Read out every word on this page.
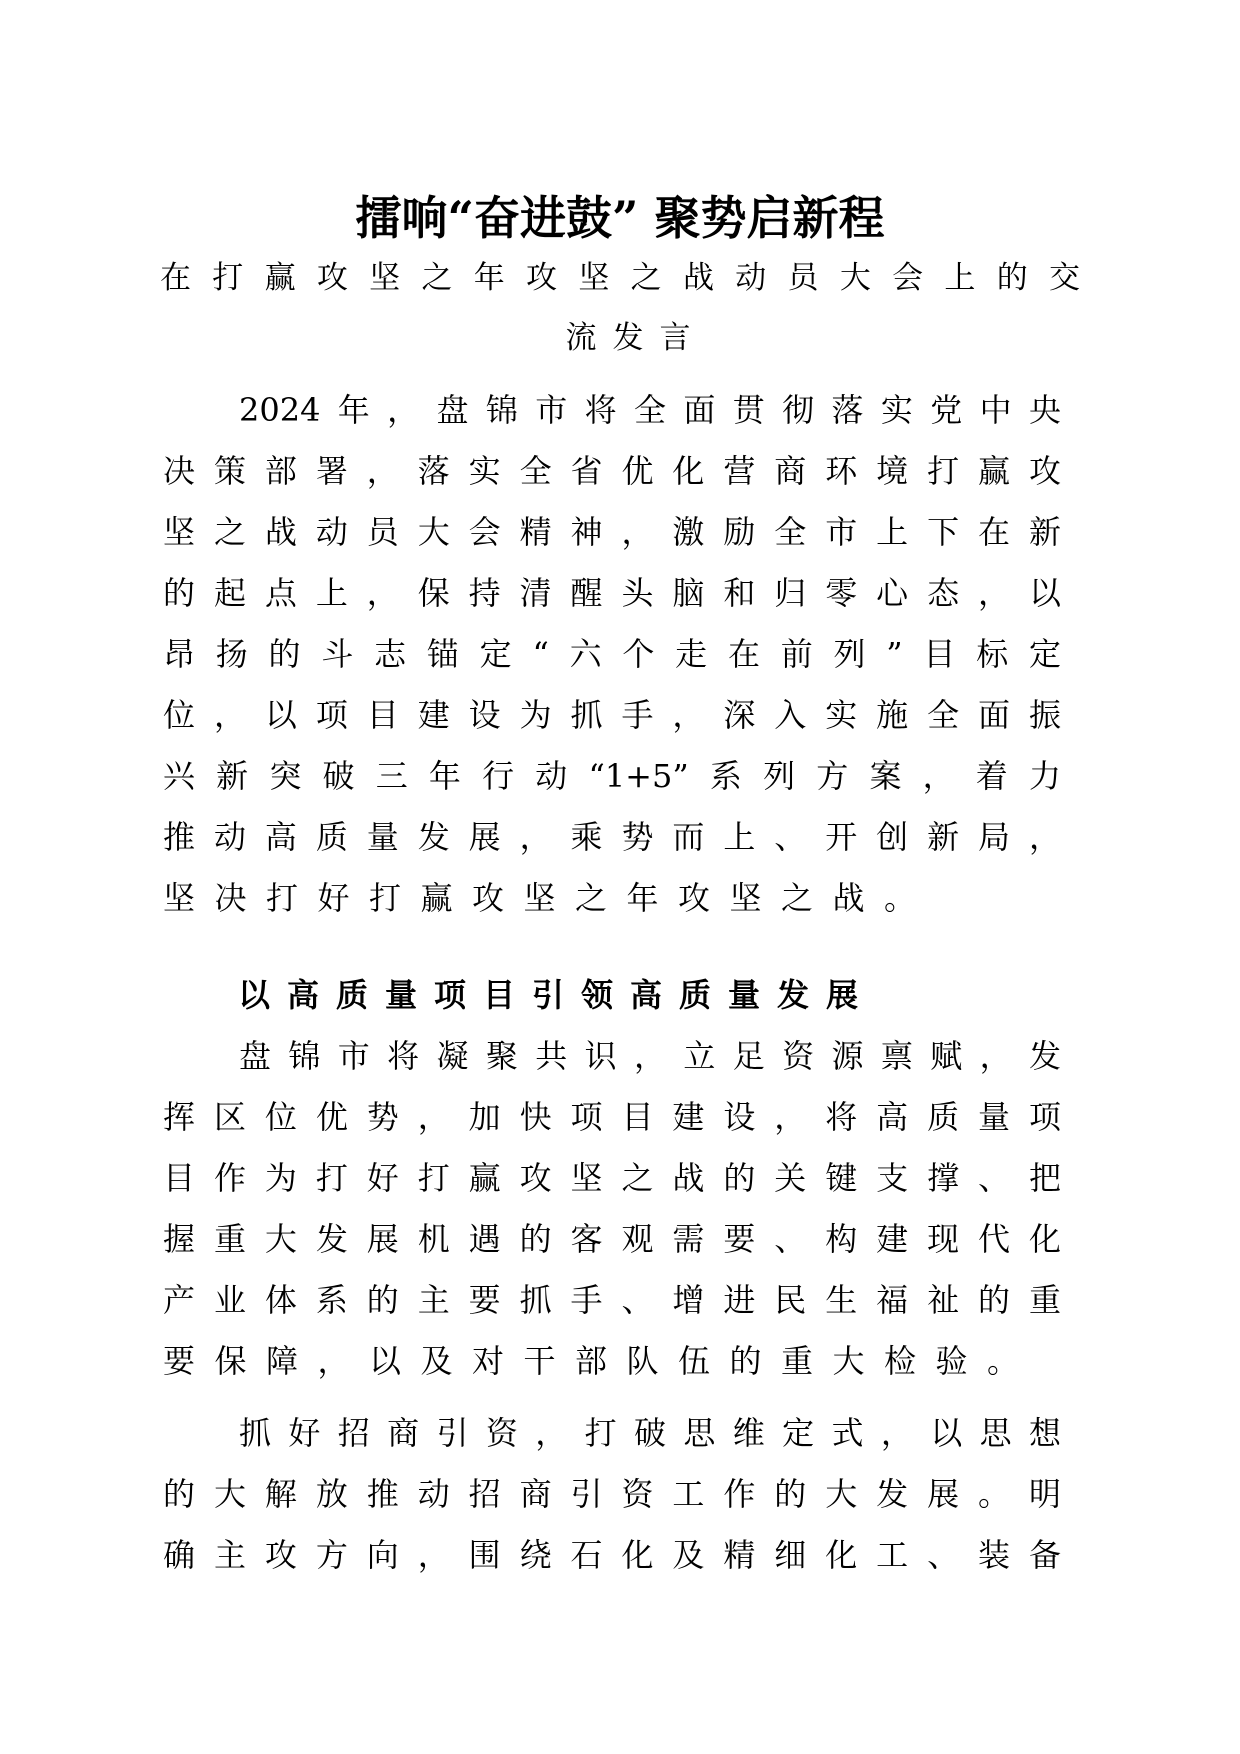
擂响“奋进鼓” 聚势启新程
在打赢攻坚之年攻坚之战动员大会上的交
流发言
2024年，盘锦市将全面贯彻落实党中央
决策部署，落实全省优化营商环境打赢攻
坚之战动员大会精神，激励全市上下在新
的起点上，保持清醒头脑和归零心态，以
昂扬的斗志锚定“六个走在前列”目标定
位，以项目建设为抓手，深入实施全面振
兴新突破三年行动“1+5”系列方案，着力
推动高质量发展，乘势而上、开创新局，
坚决打好打赢攻坚之年攻坚之战。
以高质量项目引领高质量发展
盘锦市将凝聚共识，立足资源禀赋，发
挥区位优势，加快项目建设，将高质量项
目作为打好打赢攻坚之战的关键支撑、把
握重大发展机遇的客观需要、构建现代化
产业体系的主要抓手、增进民生福祉的重
要保障，以及对干部队伍的重大检验。
抓好招商引资，打破思维定式，以思想
的大解放推动招商引资工作的大发展。明
确主攻方向，围绕石化及精细化工、装备
